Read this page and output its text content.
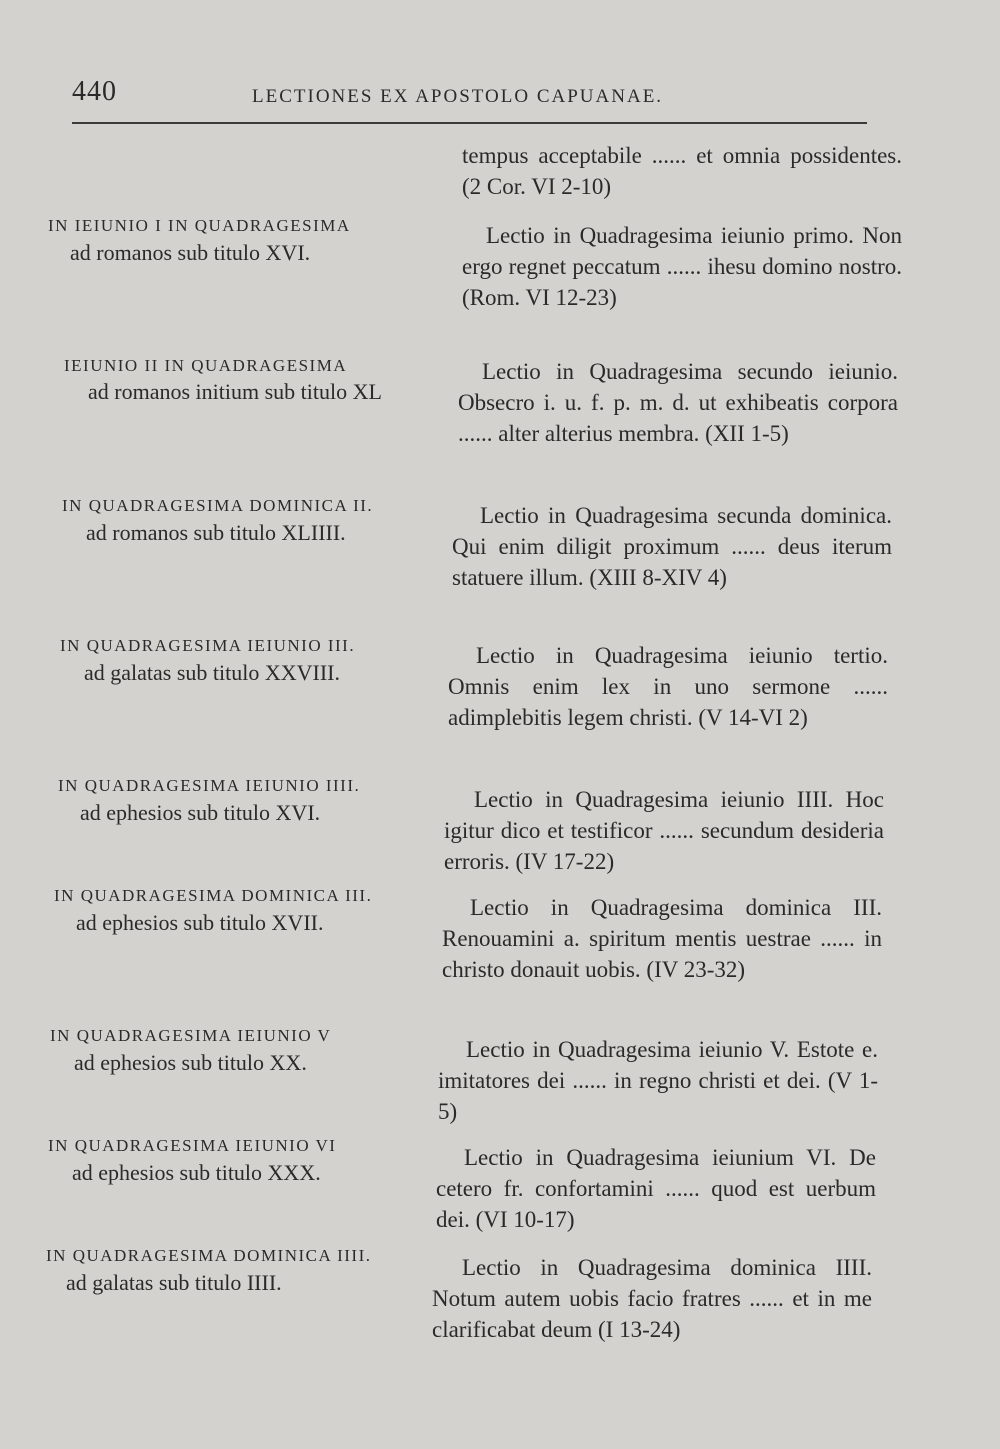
440	LECTIONES EX APOSTOLO CAPUANAE.
IN IEIUNIO I IN QUADRAGESIMA
ad romanos sub titulo XVI.
IEIUNIO II IN QUADRAGESIMA
ad romanos initium sub titulo XL
IN QUADRAGESIMA DOMINICA II.
ad romanos sub titulo XLIIII.
IN QUADRAGESIMA IEIUNIO III.
ad galatas sub titulo XXVIII.
IN QUADRAGESIMA IEIUNIO IIII.
ad ephesios sub titulo XVI.
IN QUADRAGESIMA DOMINICA III.
ad ephesios sub titulo XVII.
IN QUADRAGESIMA IEIUNIO V
ad ephesios sub titulo XX.
IN QUADRAGESIMA IEIUNIO VI
ad ephesios sub titulo XXX.
IN QUADRAGESIMA DOMINICA IIII.
ad galatas sub titulo IIII.
tempus acceptabile ...... et omnia possidentes. (2 Cor. VI 2-10)
Lectio in Quadragesima ieiunio primo. Non ergo regnet peccatum ...... ihesu domino nostro. (Rom. VI 12-23)
Lectio in Quadragesima secundo ieiunio. Obsecro i. u. f. p. m. d. ut exhibeatis corpora ...... alter alterius membra. (XII 1-5)
Lectio in Quadragesima secunda dominica. Qui enim diligit proximum ...... deus iterum statuere illum. (XIII 8-XIV 4)
Lectio in Quadragesima ieiunio tertio. Omnis enim lex in uno sermone ...... adimplebitis legem christi. (V 14-VI 2)
Lectio in Quadragesima ieiunio IIII. Hoc igitur dico et testificor ...... secundum desideria erroris. (IV 17-22)
Lectio in Quadragesima dominica III. Renouamini a. spiritum mentis uestrae ...... in christo donauit uobis. (IV 23-32)
Lectio in Quadragesima ieiunio V. Estote e. imitatores dei ...... in regno christi et dei. (V 1-5)
Lectio in Quadragesima ieiunium VI. De cetero fr. confortamini ...... quod est uerbum dei. (VI 10-17)
Lectio in Quadragesima dominica IIII. Notum autem uobis facio fratres ...... et in me clarificabat deum (I 13-24)
